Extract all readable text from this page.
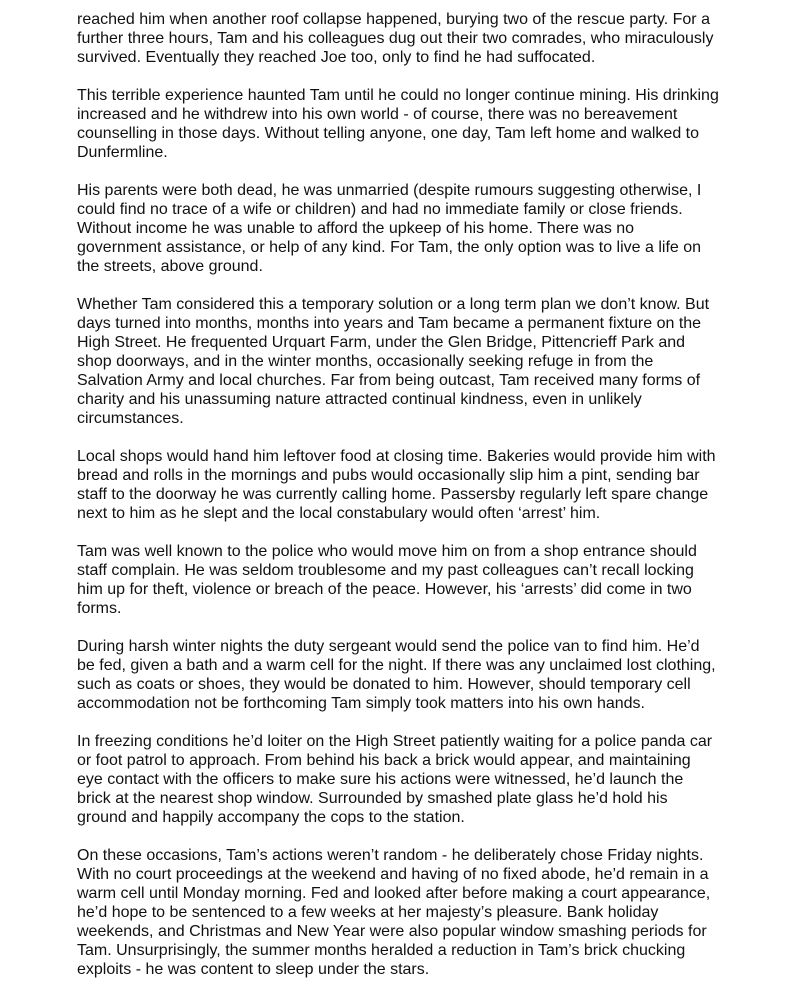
reached him when another roof collapse happened, burying two of the rescue party. For a
further three hours, Tam and his colleagues dug out their two comrades, who miraculously
survived. Eventually they reached Joe too, only to find he had suffocated.

This terrible experience haunted Tam until he could no longer continue mining. His drinking
increased and he withdrew into his own world - of course, there was no bereavement
counselling in those days. Without telling anyone, one day, Tam left home and walked to
Dunfermline.

His parents were both dead, he was unmarried (despite rumours suggesting otherwise, I
could find no trace of a wife or children) and had no immediate family or close friends.
Without income he was unable to afford the upkeep of his home. There was no
government assistance, or help of any kind. For Tam, the only option was to live a life on
the streets, above ground.

Whether Tam considered this a temporary solution or a long term plan we don’t know. But
days turned into months, months into years and Tam became a permanent fixture on the
High Street. He frequented Urquart Farm, under the Glen Bridge, Pittencrieff Park and
shop doorways, and in the winter months, occasionally seeking refuge in from the
Salvation Army and local churches. Far from being outcast, Tam received many forms of
charity and his unassuming nature attracted continual kindness, even in unlikely
circumstances.

Local shops would hand him leftover food at closing time. Bakeries would provide him with
bread and rolls in the mornings and pubs would occasionally slip him a pint, sending bar
staff to the doorway he was currently calling home. Passersby regularly left spare change
next to him as he slept and the local constabulary would often ‘arrest’ him.

Tam was well known to the police who would move him on from a shop entrance should
staff complain. He was seldom troublesome and my past colleagues can’t recall locking
him up for theft, violence or breach of the peace. However, his ‘arrests’ did come in two
forms.

During harsh winter nights the duty sergeant would send the police van to find him. He’d
be fed, given a bath and a warm cell for the night. If there was any unclaimed lost clothing,
such as coats or shoes, they would be donated to him. However, should temporary cell
accommodation not be forthcoming Tam simply took matters into his own hands.

In freezing conditions he’d loiter on the High Street patiently waiting for a police panda car
or foot patrol to approach. From behind his back a brick would appear, and maintaining
eye contact with the officers to make sure his actions were witnessed, he’d launch the
brick at the nearest shop window. Surrounded by smashed plate glass he’d hold his
ground and happily accompany the cops to the station.

On these occasions, Tam’s actions weren’t random - he deliberately chose Friday nights.
With no court proceedings at the weekend and having of no fixed abode, he’d remain in a
warm cell until Monday morning. Fed and looked after before making a court appearance,
he’d hope to be sentenced to a few weeks at her majesty’s pleasure. Bank holiday
weekends, and Christmas and New Year were also popular window smashing periods for
Tam. Unsurprisingly, the summer months heralded a reduction in Tam’s brick chucking
exploits - he was content to sleep under the stars.
